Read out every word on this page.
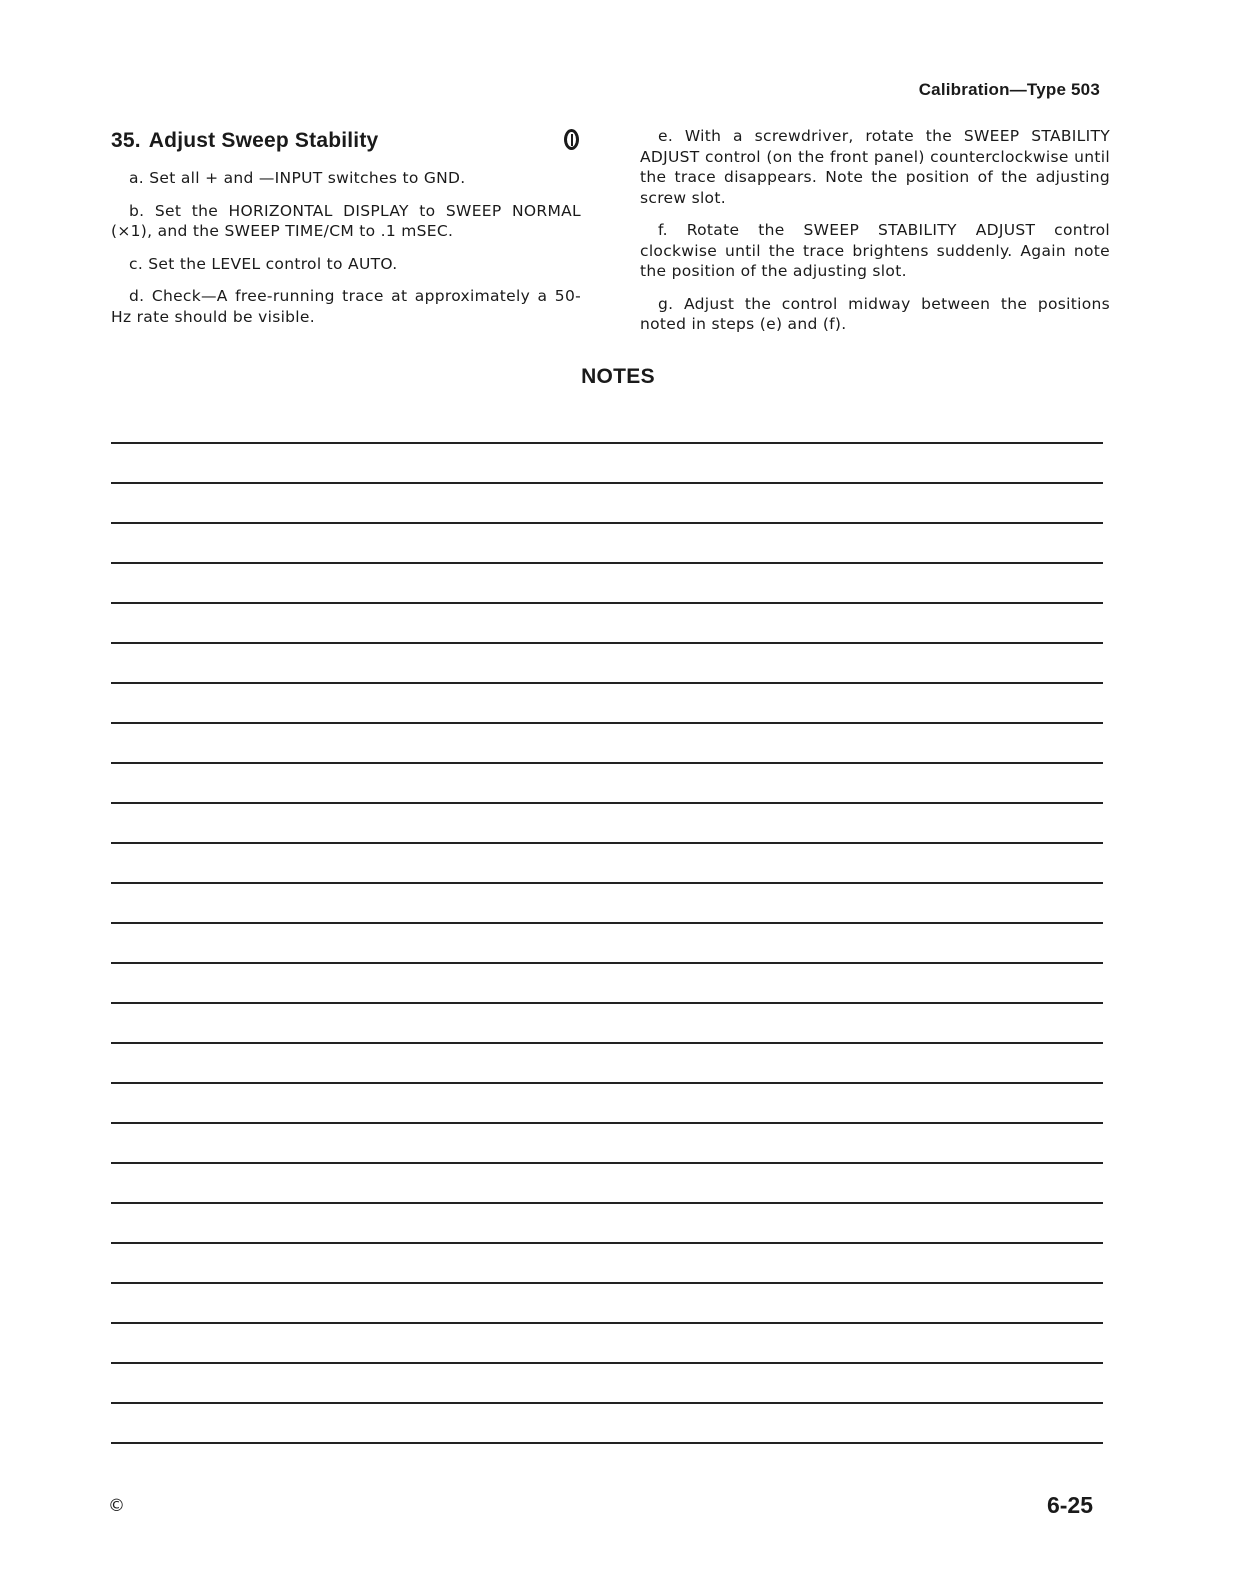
Calibration—Type 503
35. Adjust Sweep Stability

a. Set all + and —INPUT switches to GND.

b. Set the HORIZONTAL DISPLAY to SWEEP NORMAL (×1), and the SWEEP TIME/CM to .1 mSEC.

c. Set the LEVEL control to AUTO.

d. Check—A free-running trace at approximately a 50-Hz rate should be visible.

e. With a screwdriver, rotate the SWEEP STABILITY ADJUST control (on the front panel) counterclockwise until the trace disappears. Note the position of the adjusting screw slot.

f. Rotate the SWEEP STABILITY ADJUST control clockwise until the trace brightens suddenly. Again note the position of the adjusting slot.

g. Adjust the control midway between the positions noted in steps (e) and (f).

NOTES
©	6-25
